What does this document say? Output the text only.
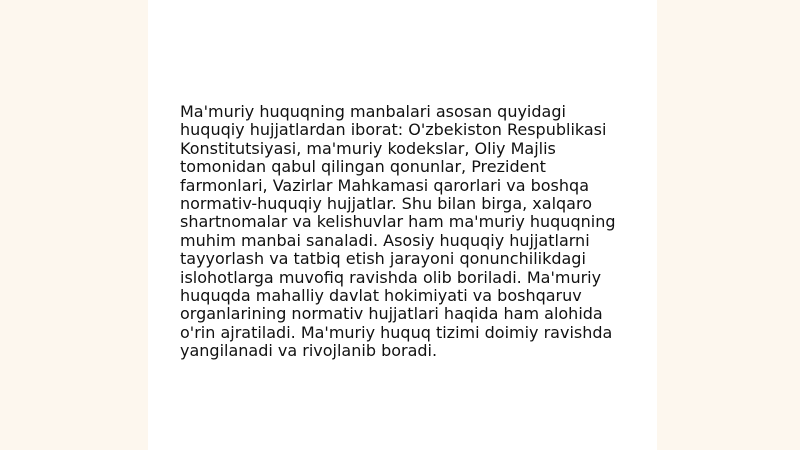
Ma'muriy huquqning manbalari asosan quyidagi huquqiy hujjatlardan iborat: O'zbekiston Respublikasi Konstitutsiyasi, ma'muriy kodekslar, Oliy Majlis tomonidan qabul qilingan qonunlar, Prezident farmonlari, Vazirlar Mahkamasi qarorlari va boshqa normativ-huquqiy hujjatlar. Shu bilan birga, xalqaro shartnomalar va kelishuvlar ham ma'muriy huquqning muhim manbai sanaladi. Asosiy huquqiy hujjatlarni tayyorlash va tatbiq etish jarayoni qonunchilikdagi islohotlarga muvofiq ravishda olib boriladi. Ma'muriy huquqda mahalliy davlat hokimiyati va boshqaruv organlarining normativ hujjatlari haqida ham alohida o'rin ajratiladi. Ma'muriy huquq tizimi doimiy ravishda yangilanadi va rivojlanib boradi.
